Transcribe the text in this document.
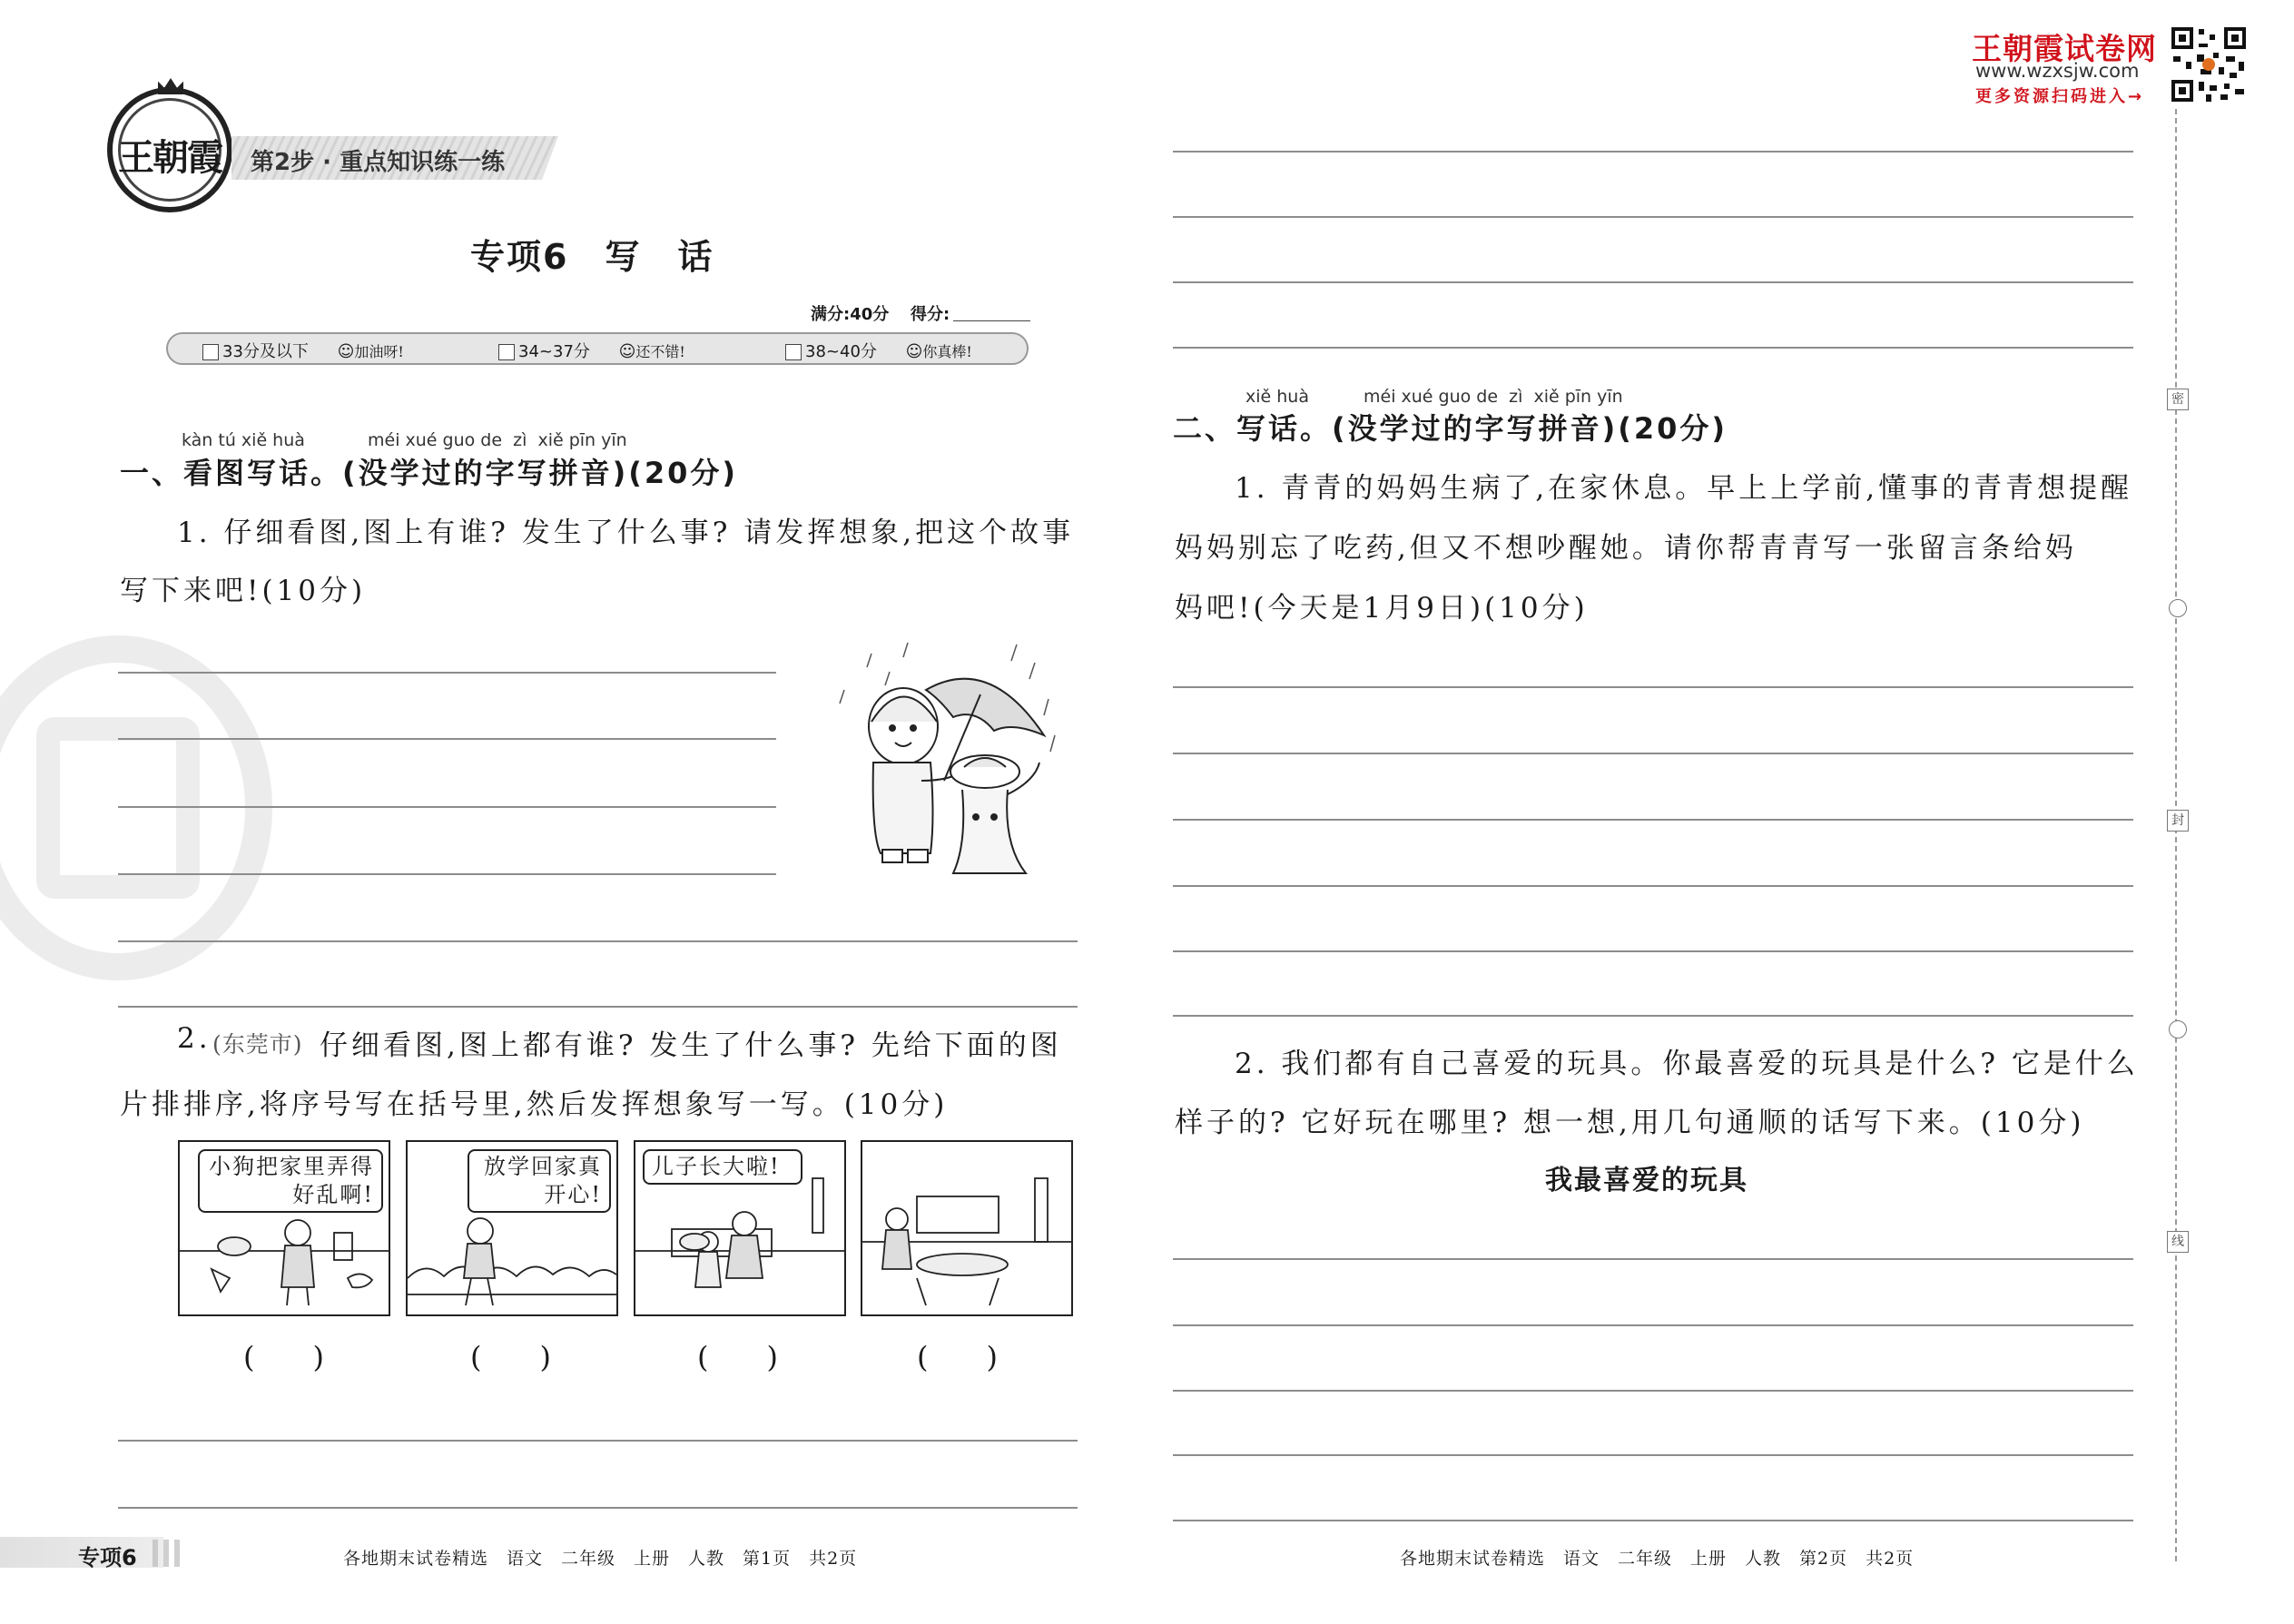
王朝霞 第2步 · 重点知识练一练
专项6　写　话
满分:40分 得分:
33分及以下 ☺加油呀!	34~37分 ☺还不错!	38~40分 ☺你真棒!
kàn tú xiě huà	méi xué guo de  zì  xiě pīn yīn
一、看图写话。(没学过的字写拼音)(20分)
1. 仔细看图,图上有谁? 发生了什么事? 请发挥想象,把这个故事
写下来吧!(10分)
2. (东莞市) 仔细看图,图上都有谁? 发生了什么事? 先给下面的图
片排排序,将序号写在括号里,然后发挥想象写一写。(10分)
小狗把家里弄得好乱啊!
放学回家真开心!
儿子长大啦!
(　　)	(　　)	(　　)	(　　)
专项6	各地期末试卷精选　语文　二年级　上册　人教　第1页　共2页
王朝霞试卷网
www.wzxsjw.com
更多资源扫码进入→
密
封
线
xiě huà	méi xué guo de  zì  xiě pīn yīn
二、写话。(没学过的字写拼音)(20分)
1. 青青的妈妈生病了,在家休息。早上上学前,懂事的青青想提醒
妈妈别忘了吃药,但又不想吵醒她。请你帮青青写一张留言条给妈
妈吧!(今天是1月9日)(10分)
2. 我们都有自己喜爱的玩具。你最喜爱的玩具是什么? 它是什么
样子的? 它好玩在哪里? 想一想,用几句通顺的话写下来。(10分)
我最喜爱的玩具
各地期末试卷精选　语文　二年级　上册　人教　第2页　共2页
